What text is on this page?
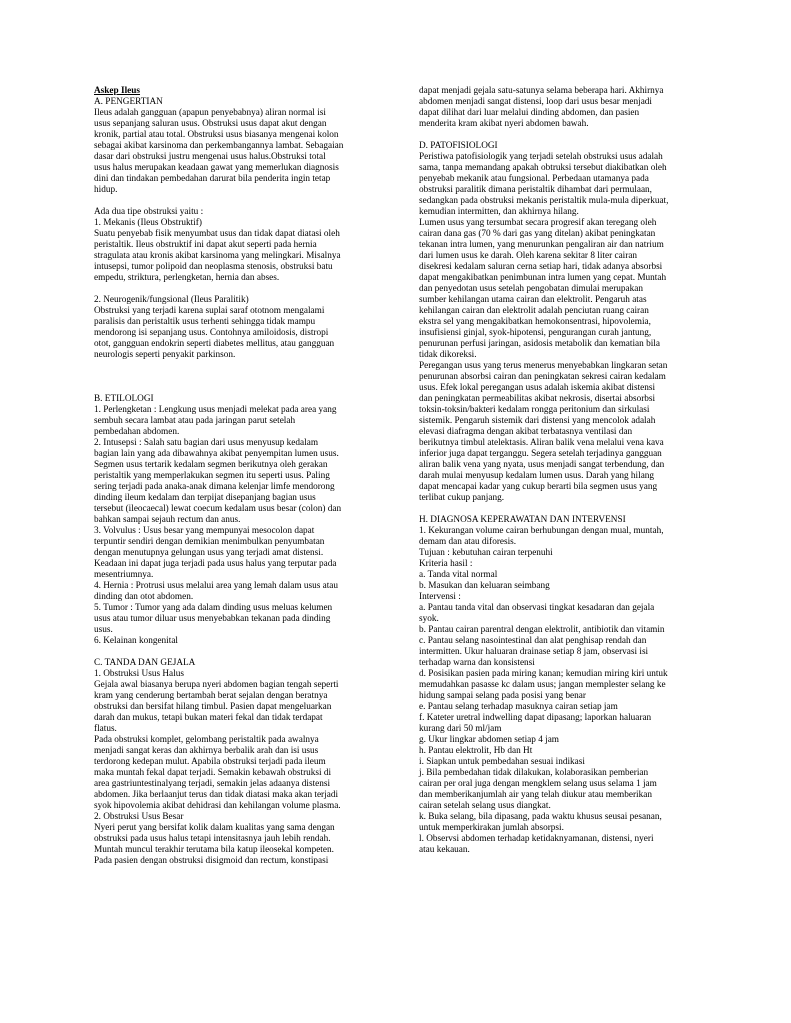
Askep Ileus

A. PENGERTIAN

Ileus adalah gangguan (apapun penyebabnya) aliran normal isi
usus sepanjang saluran usus. Obstruksi usus dapat akut dengan
kronik, partial atau total. Obstruksi usus biasanya mengenai kolon
sebagai akibat karsinoma dan perkembangannya lambat. Sebagaian
dasar dari obstruksi justru mengenai usus halus.Obstruksi total
usus halus merupakan keadaan gawat yang memerlukan diagnosis
dini dan tindakan pembedahan darurat bila penderita ingin tetap
hidup.

Ada dua tipe obstruksi yaitu :
1. Mekanis (Ileus Obstruktif)
Suatu penyebab fisik menyumbat usus dan tidak dapat diatasi oleh
peristaltik. Ileus obstruktif ini dapat akut seperti pada hernia
stragulata atau kronis akibat karsinoma yang melingkari. Misalnya
intusepsi, tumor polipoid dan neoplasma stenosis, obstruksi batu
empedu, striktura, perlengketan, hernia dan abses.

2. Neurogenik/fungsional (Ileus Paralitik)
Obstruksi yang terjadi karena suplai saraf ototnom mengalami
paralisis dan peristaltik usus terhenti sehingga tidak mampu
mendorong isi sepanjang usus. Contohnya amiloidosis, distropi
otot, gangguan endokrin seperti diabetes mellitus, atau gangguan
neurologis seperti penyakit parkinson.

B. ETILOLOGI
1. Perlengketan : Lengkung usus menjadi melekat pada area yang
sembuh secara lambat atau pada jaringan parut setelah
pembedahan abdomen.
2. Intusepsi : Salah satu bagian dari usus menyusup kedalam
bagian lain yang ada dibawahnya akibat penyempitan lumen usus.
Segmen usus tertarik kedalam segmen berikutnya oleh gerakan
peristaltik yang memperlakukan segmen itu seperti usus. Paling
sering terjadi pada anaka-anak dimana kelenjar limfe mendorong
dinding ileum kedalam dan terpijat disepanjang bagian usus
tersebut (ileocaecal) lewat coecum kedalam usus besar (colon) dan
bahkan sampai sejauh rectum dan anus.
3. Volvulus : Usus besar yang mempunyai mesocolon dapat
terpuntir sendiri dengan demikian menimbulkan penyumbatan
dengan menutupnya gelungan usus yang terjadi amat distensi.
Keadaan ini dapat juga terjadi pada usus halus yang terputar pada
mesentriumnya.
4. Hernia : Protrusi usus melalui area yang lemah dalam usus atau
dinding dan otot abdomen.
5. Tumor : Tumor yang ada dalam dinding usus meluas kelumen
usus atau tumor diluar usus menyebabkan tekanan pada dinding
usus.
6. Kelainan kongenital

C. TANDA DAN GEJALA
1. Obstruksi Usus Halus
Gejala awal biasanya berupa nyeri abdomen bagian tengah seperti
kram yang cenderung bertambah berat sejalan dengan beratnya
obstruksi dan bersifat hilang timbul. Pasien dapat mengeluarkan
darah dan mukus, tetapi bukan materi fekal dan tidak terdapat
flatus.
Pada obstruksi komplet, gelombang peristaltik pada awalnya
menjadi sangat keras dan akhirnya berbalik arah dan isi usus
terdorong kedepan mulut. Apabila obstruksi terjadi pada ileum
maka muntah fekal dapat terjadi. Semakin kebawah obstruksi di
area gastriuntestinalyang terjadi, semakin jelas adaanya distensi
abdomen. Jika berlaanjut terus dan tidak diatasi maka akan terjadi
syok hipovolemia akibat dehidrasi dan kehilangan volume plasma.
2. Obstruksi Usus Besar
Nyeri perut yang bersifat kolik dalam kualitas yang sama dengan
obstruksi pada usus halus tetapi intensitasnya jauh lebih rendah.
Muntah muncul terakhir terutama bila katup ileosekal kompeten.
Pada pasien dengan obstruksi disigmoid dan rectum, konstipasi

dapat menjadi gejala satu-satunya selama beberapa hari. Akhirnya
abdomen menjadi sangat distensi, loop dari usus besar menjadi
dapat dilihat dari luar melalui dinding abdomen, dan pasien
menderita kram akibat nyeri abdomen bawah.

D. PATOFISIOLOGI
Peristiwa patofisiologik yang terjadi setelah obstruksi usus adalah
sama, tanpa memandang apakah obtruksi tersebut diakibatkan oleh
penyebab mekanik atau fungsional. Perbedaan utamanya pada
obstruksi paralitik dimana peristaltik dihambat dari permulaan,
sedangkan pada obstruksi mekanis peristaltik mula-mula diperkuat,
kemudian intermitten, dan akhirnya hilang.
Lumen usus yang tersumbat secara progresif akan teregang oleh
cairan dana gas (70 % dari gas yang ditelan) akibat peningkatan
tekanan intra lumen, yang menurunkan pengaliran air dan natrium
dari lumen usus ke darah. Oleh karena sekitar 8 liter cairan
disekresi kedalam saluran cerna setiap hari, tidak adanya absorbsi
dapat mengakibatkan penimbunan intra lumen yang cepat. Muntah
dan penyedotan usus setelah pengobatan dimulai merupakan
sumber kehilangan utama cairan dan elektrolit. Pengaruh atas
kehilangan cairan dan elektrolit adalah penciutan ruang cairan
ekstra sel yang mengakibatkan hemokonsentrasi, hipovolemia,
insufisiensi ginjal, syok-hipotensi, pengurangan curah jantung,
penurunan perfusi jaringan, asidosis metabolik dan kematian bila
tidak dikoreksi.
Peregangan usus yang terus menerus menyebabkan lingkaran setan
penurunan absorbsi cairan dan peningkatan sekresi cairan kedalam
usus. Efek lokal peregangan usus adalah iskemia akibat distensi
dan peningkatan permeabilitas akibat nekrosis, disertai absorbsi
toksin-toksin/bakteri kedalam rongga peritonium dan sirkulasi
sistemik. Pengaruh sistemik dari distensi yang mencolok adalah
elevasi diafragma dengan akibat terbatasnya ventilasi dan
berikutnya timbul atelektasis. Aliran balik vena melalui vena kava
inferior juga dapat terganggu. Segera setelah terjadinya gangguan
aliran balik vena yang nyata, usus menjadi sangat terbendung, dan
darah mulai menyusup kedalam lumen usus. Darah yang hilang
dapat mencapai kadar yang cukup berarti bila segmen usus yang
terlibat cukup panjang.

H. DIAGNOSA KEPERAWATAN DAN INTERVENSI
1. Kekurangan volume cairan berhubungan dengan mual, muntah,
demam dan atau diforesis.
Tujuan : kebutuhan cairan terpenuhi
Kriteria hasil :
a. Tanda vital normal
b. Masukan dan keluaran seimbang
Intervensi :
a. Pantau tanda vital dan observasi tingkat kesadaran dan gejala
syok.
b. Pantau cairan parentral dengan elektrolit, antibiotik dan vitamin
c. Pantau selang nasointestinal dan alat penghisap rendah dan
intermitten. Ukur haluaran drainase setiap 8 jam, observasi isi
terhadap warna dan konsistensi
d. Posisikan pasien pada miring kanan; kemudian miring kiri untuk
memudahkan pasasse kc dalam usus; jangan memplester selang ke
hidung sampai selang pada posisi yang benar
e. Pantau selang terhadap masuknya cairan setiap jam
f. Kateter uretral indwelling dapat dipasang; laporkan haluaran
kurang dari 50 ml/jam
g. Ukur lingkar abdomen setiap 4 jam
h. Pantau elektrolit, Hb dan Ht
i. Siapkan untuk pembedahan sesuai indikasi
j. Bila pembedahan tidak dilakukan, kolaborasikan pemberian
cairan per oral juga dengan mengklem selang usus selama 1 jam
dan memberikanjumlah air yang telah diukur atau memberikan
cairan setelah selang usus diangkat.
k. Buka selang, bila dipasang, pada waktu khusus seusai pesanan,
untuk memperkirakan jumlah absorpsi.
l. Observsi abdomen terhadap ketidaknyamanan, distensi, nyeri
atau kekauan.
